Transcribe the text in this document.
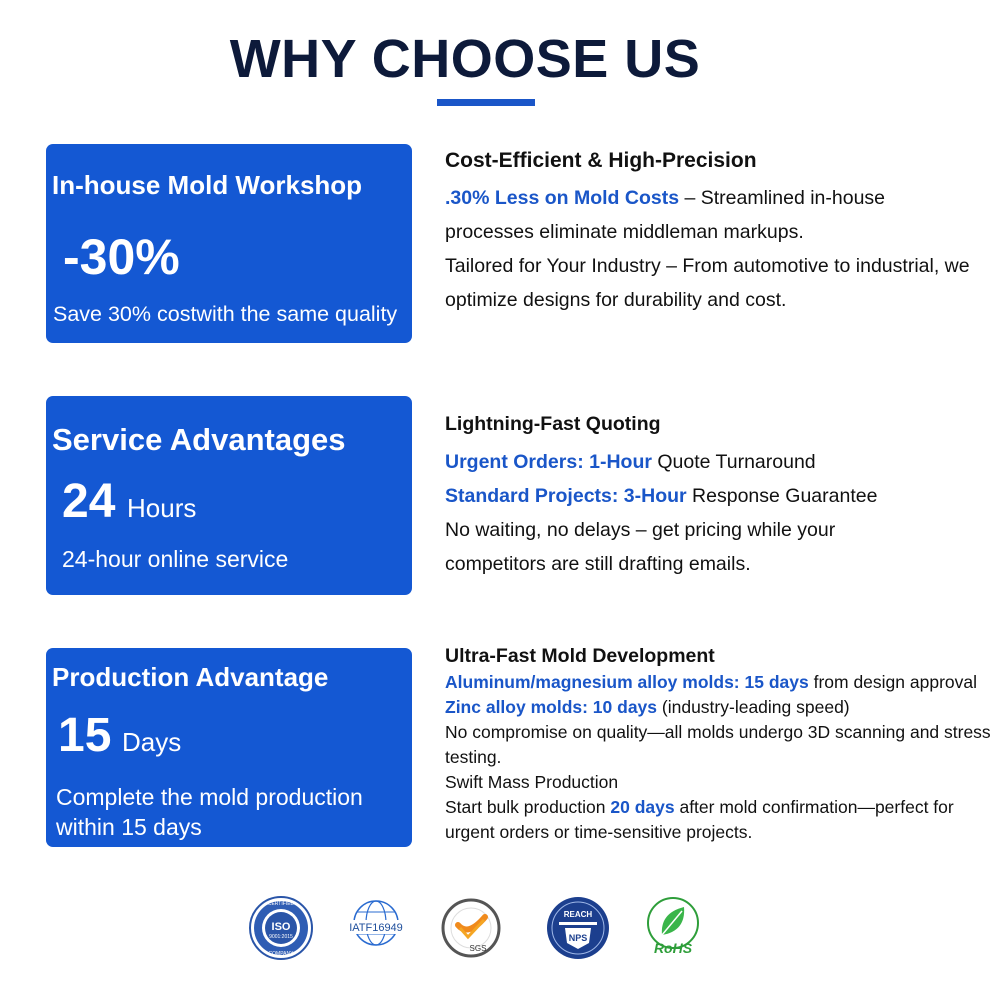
WHY CHOOSE US
In-house Mold Workshop
-30%
Save 30% costwith the same quality
Service Advantages
24 Hours
24-hour online service
Production Advantage
15 Days
Complete the mold production within 15 days
Cost-Efficient & High-Precision
.30% Less on Mold Costs – Streamlined in-house
processes eliminate middleman markups.
Tailored for Your Industry – From automotive to industrial, we
optimize designs for durability and cost.
Lightning-Fast Quoting
Urgent Orders: 1-Hour Quote Turnaround
Standard Projects: 3-Hour Response Guarantee
No waiting, no delays – get pricing while your
competitors are still drafting emails.
Ultra-Fast Mold Development
Aluminum/magnesium alloy molds: 15 days from design approval
Zinc alloy molds: 10 days (industry-leading speed)
No compromise on quality—all molds undergo 3D scanning and stress
testing.
Swift Mass Production
Start bulk production 20 days after mold confirmation—perfect for
urgent orders or time-sensitive projects.
CERTIFIED
COMPANY
ISO
9001:2015
IATF16949
SGS
REACH
NPS
RoHS
